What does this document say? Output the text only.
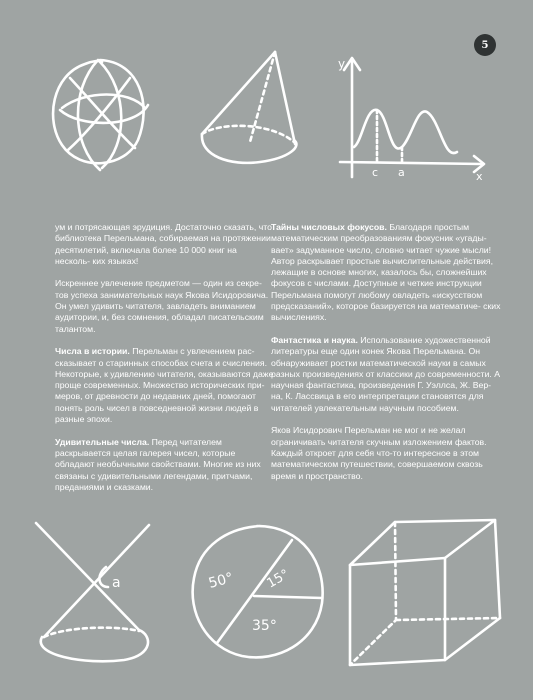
5
y
x
c a

ум и потрясающая эрудиция. Достаточно сказать, что библиотека Перельмана, собираемая на протяжении десятилетий, включала более 10 000 книг на несколь- ких языках!

Искреннее увлечение предметом — один из секре- тов успеха занимательных наук Якова Исидоровича. Он умел удивить читателя, завладеть вниманием аудитории, и, без сомнения, обладал писательским талантом.

Числа в истории. Перельман с увлечением рас- сказывает о старинных способах счета и счисления. Некоторые, к удивлению читателя, оказываются даже проще современных. Множество исторических при- меров, от древности до недавних дней, помогают понять роль чисел в повседневной жизни людей в разные эпохи.

Удивительные числа. Перед читателем раскрывается целая галерея чисел, которые обладают необычными свойствами. Многие из них связаны с удивительными легендами, притчами, преданиями и сказками.

Тайны числовых фокусов. Благодаря простым математическим преобразованиям фокусник «угады- вает» задуманное число, словно читает чужие мысли! Автор раскрывает простые вычислительные действия, лежащие в основе многих, казалось бы, сложнейших фокусов с числами. Доступные и четкие инструкции Перельмана помогут любому овладеть «искусством предсказаний», которое базируется на математиче- ских вычислениях.

Фантастика и наука. Использование художественной литературы еще один конек Якова Перельмана. Он обнаруживает ростки математической науки в самых разных произведениях от классики до современности. А научная фантастика, произведения Г. Уэллса, Ж. Вер- на, К. Лассвица в его интерпретации становятся для читателей увлекательным научным пособием.

Яков Исидорович Перельман не мог и не желал ограничивать читателя скучным изложением фактов. Каждый откроет для себя что-то интересное в этом математическом путешествии, совершаемом сквозь время и пространство.

a	50° 15°
35°
